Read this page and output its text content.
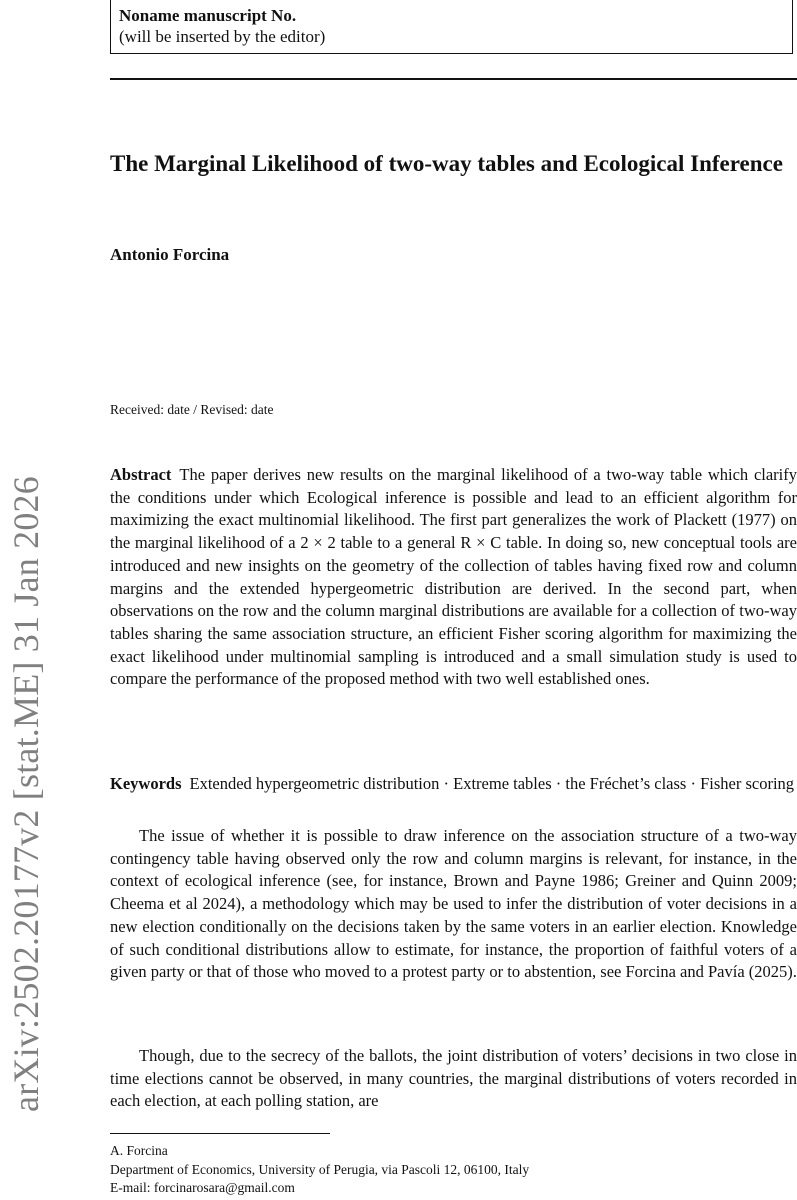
Noname manuscript No.
(will be inserted by the editor)
The Marginal Likelihood of two-way tables and Ecological Inference
Antonio Forcina
Received: date / Revised: date
arXiv:2502.20177v2 [stat.ME] 31 Jan 2026

Abstract The paper derives new results on the marginal likelihood of a two-way table which clarify the conditions under which Ecological inference is possible and lead to an efficient algorithm for maximizing the exact multinomial likelihood. The first part generalizes the work of Plackett (1977) on the marginal likelihood of a 2 × 2 table to a general R × C table. In doing so, new conceptual tools are introduced and new insights on the geometry of the collection of tables having fixed row and column margins and the extended hypergeometric distribution are derived. In the second part, when observations on the row and the column marginal distributions are available for a collection of two-way tables sharing the same association structure, an efficient Fisher scoring algorithm for maximizing the exact likelihood under multinomial sampling is introduced and a small simulation study is used to compare the performance of the proposed method with two well established ones.

Keywords Extended hypergeometric distribution · Extreme tables · the Fréchet’s class · Fisher scoring

The issue of whether it is possible to draw inference on the association structure of a two-way contingency table having observed only the row and column margins is relevant, for instance, in the context of ecological inference (see, for instance, Brown and Payne 1986; Greiner and Quinn 2009; Cheema et al 2024), a methodology which may be used to infer the distribution of voter decisions in a new election conditionally on the decisions taken by the same voters in an earlier election. Knowledge of such conditional distributions allow to estimate, for instance, the proportion of faithful voters of a given party or that of those who moved to a protest party or to abstention, see Forcina and Pavía (2025).

Though, due to the secrecy of the ballots, the joint distribution of voters’ decisions in two close in time elections cannot be observed, in many countries, the marginal distributions of voters recorded in each election, at each polling station, are

A. Forcina
Department of Economics, University of Perugia, via Pascoli 12, 06100, Italy
E-mail: forcinarosara@gmail.com
